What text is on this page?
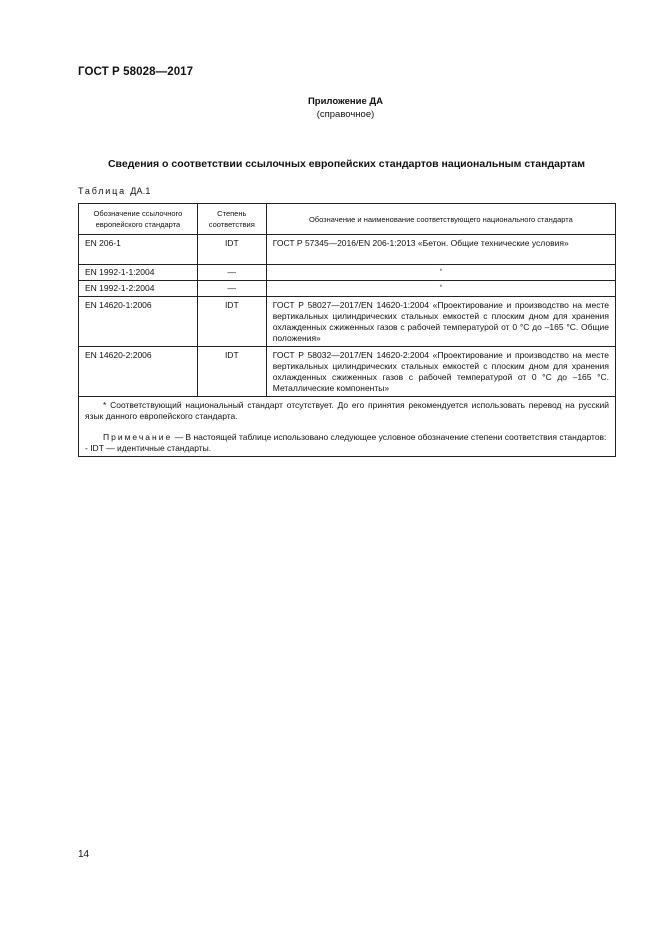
ГОСТ Р 58028—2017
Приложение ДА
(справочное)
Сведения о соответствии ссылочных европейских стандартов национальным стандартам
Таблица ДА.1
Обозначение ссылочного европейского стандарта	Степень соответствия	Обозначение и наименование соответствующего национального стандарта
EN 206-1	IDT	ГОСТ Р 57345—2016/EN 206-1:2013 «Бетон. Общие технические условия»
EN 1992-1-1:2004	—	*
EN 1992-1-2:2004	—	*
EN 14620-1:2006	IDT	ГОСТ Р 58027—2017/EN 14620-1:2004 «Проектирование и производство на месте вертикальных цилиндрических стальных емкостей с плоским дном для хранения охлажденных сжиженных газов с рабочей температурой от 0 °С до –165 °С. Общие положения»
EN 14620-2:2006	IDT	ГОСТ Р 58032—2017/EN 14620-2:2004 «Проектирование и производство на месте вертикальных цилиндрических стальных емкостей с плоским дном для хранения охлажденных сжиженных газов с рабочей температурой от 0 °С до –165 °С. Металлические компоненты»

* Соответствующий национальный стандарт отсутствует. До его принятия рекомендуется использовать перевод на русский язык данного европейского стандарта.

Примечание — В настоящей таблице использовано следующее условное обозначение степени соответствия стандартов:

- IDT — идентичные стандарты.		

14
